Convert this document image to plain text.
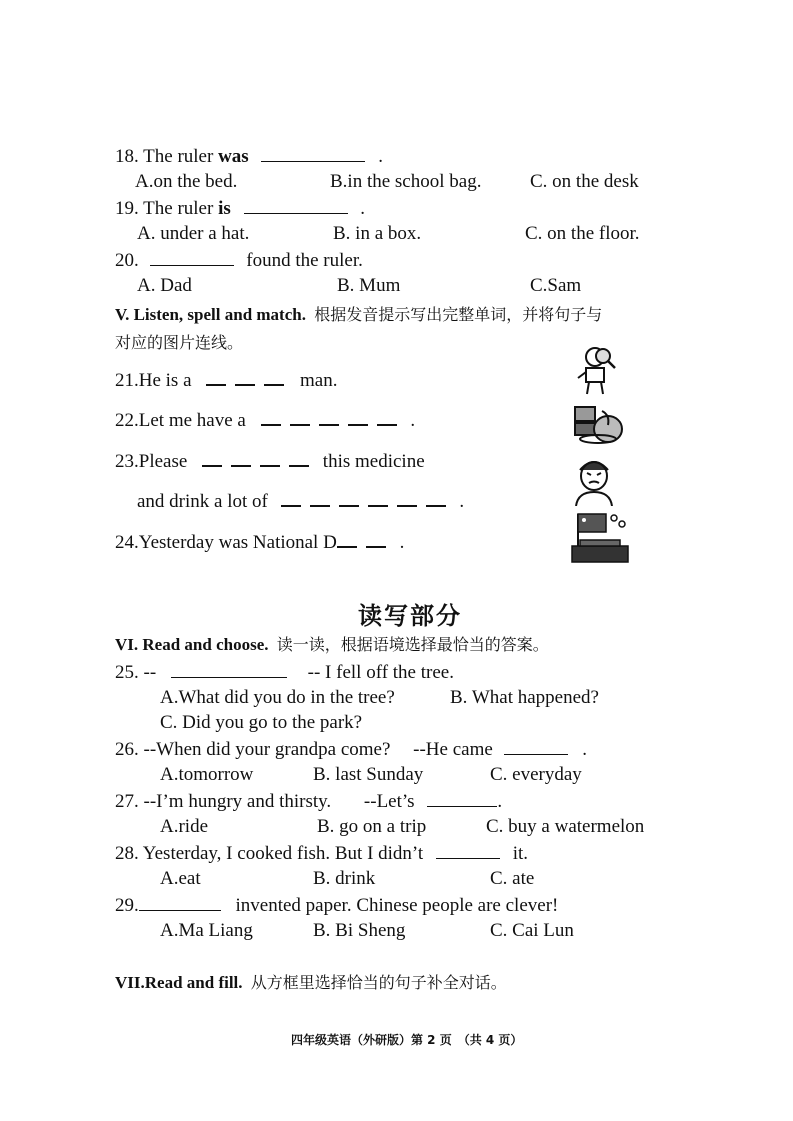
18. The ruler was	.
A.on the bed.	B.in the school bag.	C. on the desk
19. The ruler is	.
A. under a hat.	B. in a box.	C. on the floor.
20.	found the ruler.
A. Dad	B. Mum	C.Sam
V. Listen, spell and match. 根据发音提示写出完整单词，并将句子与
对应的图片连线。
21.He is a	man.
22.Let me have a	.
23.Please	this medicine
and drink a lot of	.
24.Yesterday was National D	.
读写部分
VI. Read and choose. 读一读，根据语境选择最恰当的答案。
25. --	-- I fell off the tree.
A.What did you do in the tree?	B. What happened?
C. Did you go to the park?
26. --When did your grandpa come? --He came	.
A.tomorrow	B. last Sunday	C. everyday
27. --I’m hungry and thirsty. --Let’s	.
A.ride	B. go on a trip	C. buy a watermelon
28. Yesterday, I cooked fish. But I didn’t	it.
A.eat	B. drink	C. ate
29.	invented paper. Chinese people are clever!
A.Ma Liang	B. Bi Sheng	C. Cai Lun
VII.Read and fill. 从方框里选择恰当的句子补全对话。
四年级英语（外研版）第 2 页　（共 4 页）
